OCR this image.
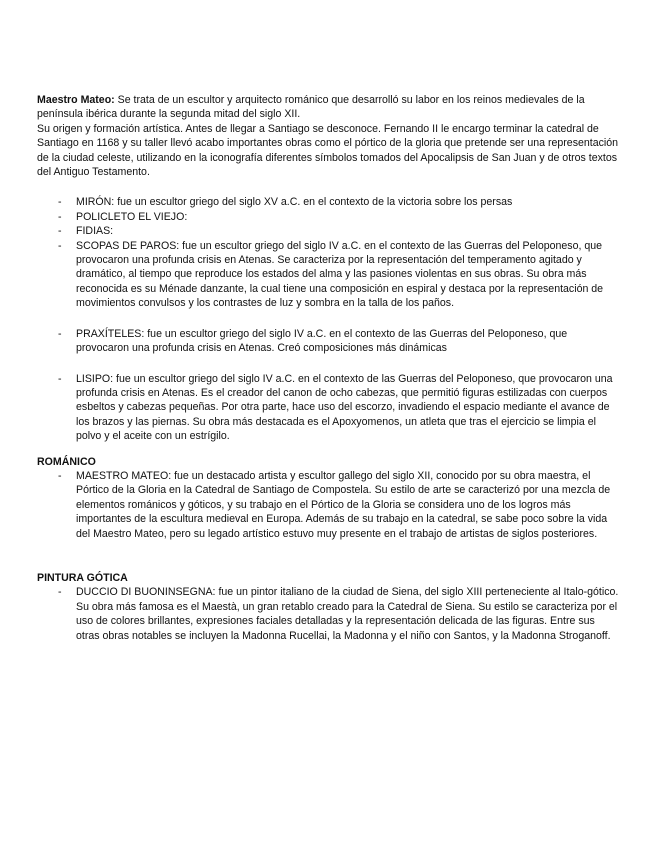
Maestro Mateo: Se trata de un escultor y arquitecto románico que desarrolló su labor en los reinos medievales de la península ibérica durante la segunda mitad del siglo XII.

Su origen y formación artística. Antes de llegar a Santiago se desconoce. Fernando II le encargo terminar la catedral de Santiago en 1168 y su taller llevó acabo importantes obras como el pórtico de la gloria que pretende ser una representación de la ciudad celeste, utilizando en la iconografía diferentes símbolos tomados del Apocalipsis de San Juan y de otros textos del Antiguo Testamento.

- MIRÓN: fue un escultor griego del siglo XV a.C. en el contexto de la victoria sobre los persas
- POLICLETO EL VIEJO:
- FIDIAS:
- SCOPAS DE PAROS: fue un escultor griego del siglo IV a.C. en el contexto de las Guerras del Peloponeso, que provocaron una profunda crisis en Atenas. Se caracteriza por la representación del temperamento agitado y dramático, al tiempo que reproduce los estados del alma y las pasiones violentas en sus obras. Su obra más reconocida es su Ménade danzante, la cual tiene una composición en espiral y destaca por la representación de movimientos convulsos y los contrastes de luz y sombra en la talla de los paños.
- PRAXÍTELES: fue un escultor griego del siglo IV a.C. en el contexto de las Guerras del Peloponeso, que provocaron una profunda crisis en Atenas. Creó composiciones más dinámicas
- LISIPO: fue un escultor griego del siglo IV a.C. en el contexto de las Guerras del Peloponeso, que provocaron una profunda crisis en Atenas. Es el creador del canon de ocho cabezas, que permitió figuras estilizadas con cuerpos esbeltos y cabezas pequeñas. Por otra parte, hace uso del escorzo, invadiendo el espacio mediante el avance de los brazos y las piernas. Su obra más destacada es el Apoxyomenos, un atleta que tras el ejercicio se limpia el polvo y el aceite con un estrígilo.

ROMÁNICO

- MAESTRO MATEO: fue un destacado artista y escultor gallego del siglo XII, conocido por su obra maestra, el Pórtico de la Gloria en la Catedral de Santiago de Compostela. Su estilo de arte se caracterizó por una mezcla de elementos románicos y góticos, y su trabajo en el Pórtico de la Gloria se considera uno de los logros más importantes de la escultura medieval en Europa. Además de su trabajo en la catedral, se sabe poco sobre la vida del Maestro Mateo, pero su legado artístico estuvo muy presente en el trabajo de artistas de siglos posteriores.

PINTURA GÓTICA

- DUCCIO DI BUONINSEGNA: fue un pintor italiano de la ciudad de Siena, del siglo XIII perteneciente al Italo-gótico. Su obra más famosa es el Maestà, un gran retablo creado para la Catedral de Siena. Su estilo se caracteriza por el uso de colores brillantes, expresiones faciales detalladas y la representación delicada de las figuras. Entre sus otras obras notables se incluyen la Madonna Rucellai, la Madonna y el niño con Santos, y la Madonna Stroganoff.
